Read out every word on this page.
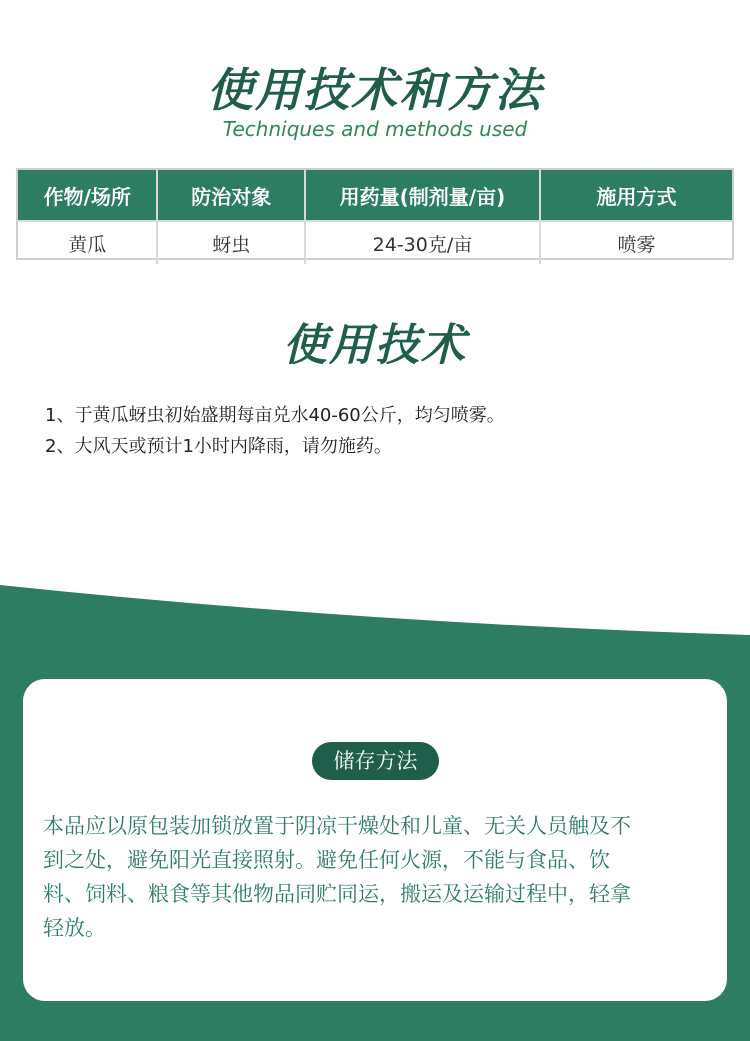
使用技术和方法
Techniques and methods used
作物/场所	防治对象	用药量(制剂量/亩)	施用方式
黄瓜	蚜虫	24-30克/亩	喷雾
使用技术
1、于黄瓜蚜虫初始盛期每亩兑水40-60公斤，均匀喷雾。
2、大风天或预计1小时内降雨，请勿施药。
储存方法
本品应以原包装加锁放置于阴凉干燥处和儿童、无关人员触及不
到之处，避免阳光直接照射。避免任何火源，不能与食品、饮
料、饲料、粮食等其他物品同贮同运，搬运及运输过程中，轻拿
轻放。
